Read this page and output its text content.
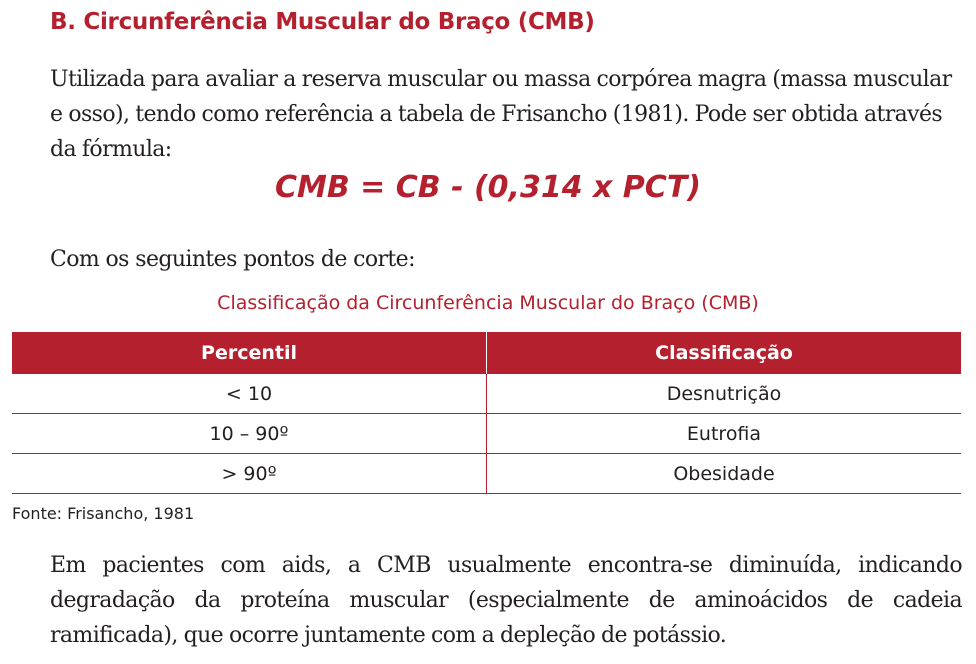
B. Circunferência Muscular do Braço (CMB)

Utilizada para avaliar a reserva muscular ou massa corpórea magra (massa muscular e osso), tendo como referência a tabela de Frisancho (1981). Pode ser obtida através da fórmula:

CMB = CB - (0,314 x PCT)

Com os seguintes pontos de corte:

Classificação da Circunferência Muscular do Braço (CMB)

Percentil	Classificação
< 10	Desnutrição
10 – 90º	Eutrofia
> 90º	Obesidade

Fonte: Frisancho, 1981

Em pacientes com aids, a CMB usualmente encontra-se diminuída, indicando degradação da proteína muscular (especialmente de aminoácidos de cadeia ramificada), que ocorre juntamente com a depleção de potássio.
